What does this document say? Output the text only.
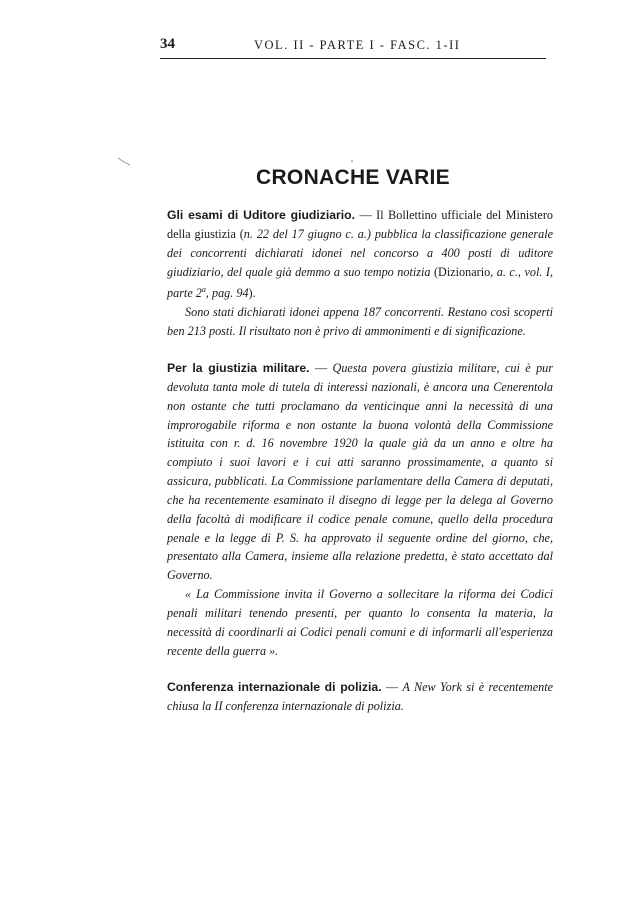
34	VOL. II - PARTE I - FASC. 1-II
CRONACHE VARIE

Gli esami di Uditore giudiziario. — Il Bollettino ufficiale del Ministero della giustizia (n. 22 del 17 giugno c. a.) pubblica la classificazione generale dei concorrenti dichiarati idonei nel concorso a 400 posti di uditore giudiziario, del quale già demmo a suo tempo notizia (Dizionario, a. c., vol. I, parte 2$^a$, pag. 94).

Sono stati dichiarati idonei appena 187 concorrenti. Restano così scoperti ben 213 posti. Il risultato non è privo di ammonimenti e di significazione.

Per la giustizia militare. — Questa povera giustizia militare, cui è pur devoluta tanta mole di tutela di interessi nazionali, è ancora una Cenerentola non ostante che tutti proclamano da venticinque anni la necessità di una improrogabile riforma e non ostante la buona volontà della Commissione istituita con r. d. 16 novembre 1920 la quale già da un anno e oltre ha compiuto i suoi lavori e i cui atti saranno prossimamente, a quanto si assicura, pubblicati. La Commissione parlamentare della Camera di deputati, che ha recentemente esaminato il disegno di legge per la delega al Governo della facoltà di modificare il codice penale comune, quello della procedura penale e la legge di P. S. ha approvato il seguente ordine del giorno, che, presentato alla Camera, insieme alla relazione predetta, è stato accettato dal Governo.

« La Commissione invita il Governo a sollecitare la riforma dei Codici penali militari tenendo presenti, per quanto lo consenta la materia, la necessità di coordinarli ai Codici penali comuni e di informarli all'esperienza recente della guerra ».

Conferenza internazionale di polizia. — A New York si è recentemente chiusa la II conferenza internazionale di polizia.
